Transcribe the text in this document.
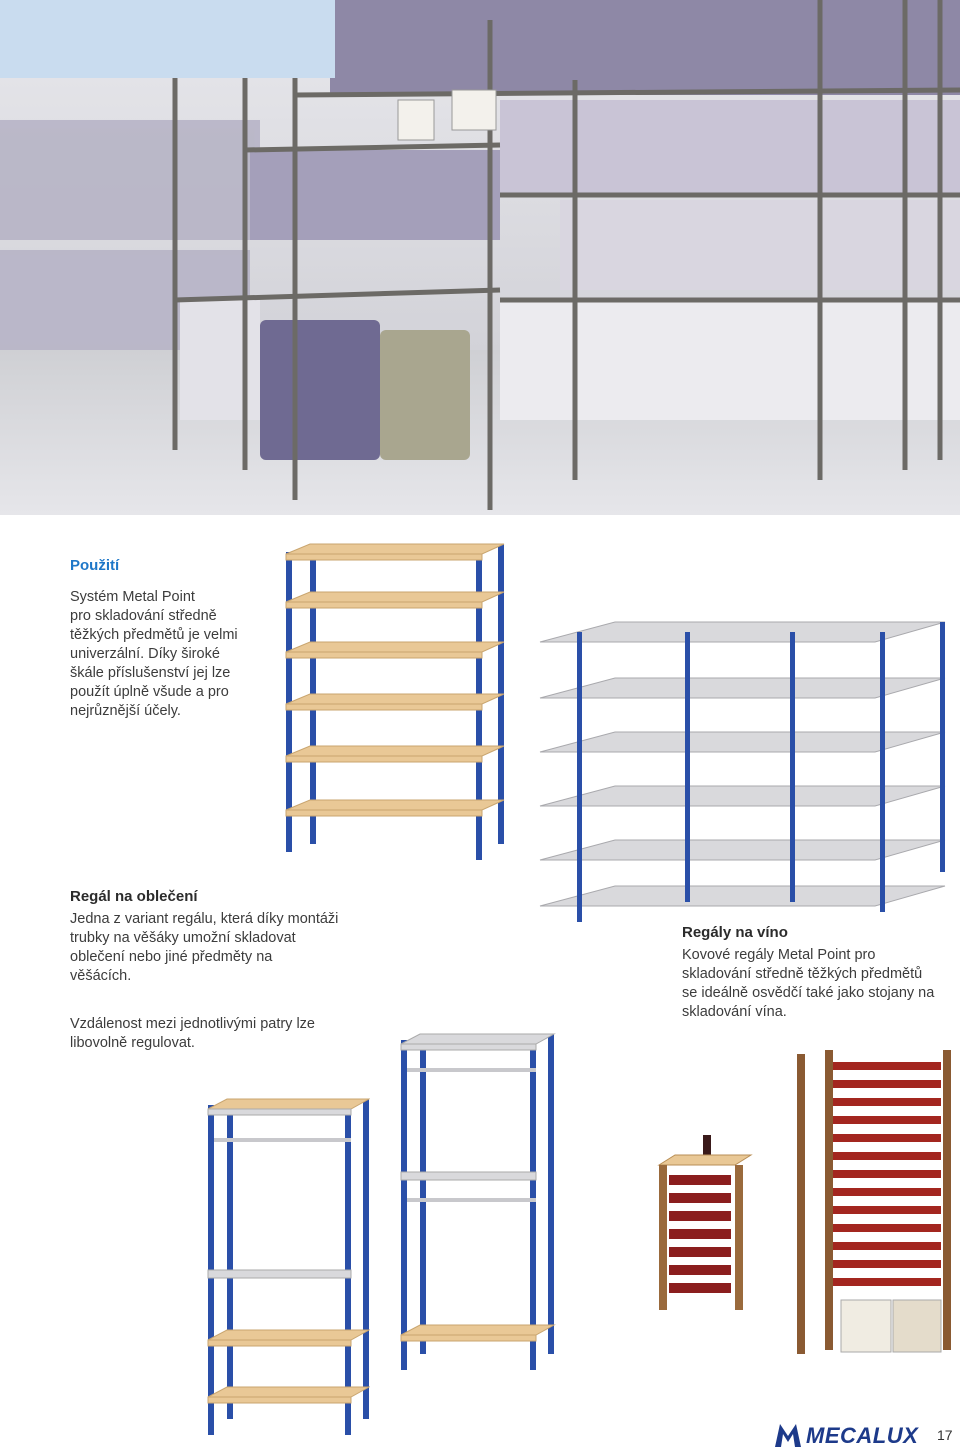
Použití
Systém Metal Point
pro skladování středně
těžkých předmětů je velmi
univerzální. Díky široké
škále příslušenství jej lze
použít úplně všude a pro
nejrůznější účely.
Regál na oblečení
Jedna z variant regálu, která díky montáži
trubky na věšáky umožní skladovat
oblečení nebo jiné předměty na
věšácích.
Vzdálenost mezi jednotlivými patry lze
libovolně regulovat.
Regály na víno
Kovové regály Metal Point pro
skladování středně těžkých předmětů
se ideálně osvědčí také jako stojany na
skladování vína.
MECALUX 17
